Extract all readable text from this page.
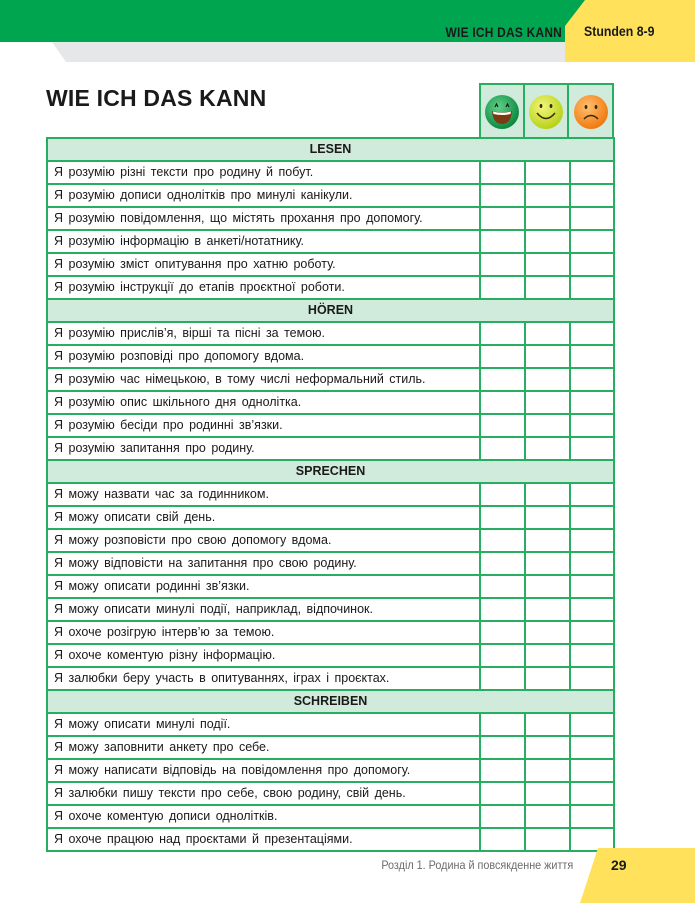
WIE ICH DAS KANN Stunden 8-9
WIE ICH DAS KANN
LESEN
Я розумію різні тексти про родину й побут.
Я розумію дописи однолітків про минулі канікули.
Я розумію повідомлення, що містять прохання про допомогу.
Я розумію інформацію в анкеті/нотатнику.
Я розумію зміст опитування про хатню роботу.
Я розумію інструкції до етапів проєктної роботи.
HÖREN
Я розумію прислів’я, вірші та пісні за темою.
Я розумію розповіді про допомогу вдома.
Я розумію час німецькою, в тому числі неформальний стиль.
Я розумію опис шкільного дня однолітка.
Я розумію бесіди про родинні зв’язки.
Я розумію запитання про родину.
SPRECHEN
Я можу назвати час за годинником.
Я можу описати свій день.
Я можу розповісти про свою допомогу вдома.
Я можу відповісти на запитання про свою родину.
Я можу описати родинні зв’язки.
Я можу описати минулі події, наприклад, відпочинок.
Я охоче розігрую інтерв’ю за темою.
Я охоче коментую різну інформацію.
Я залюбки беру участь в опитуваннях, іграх і проєктах.
SCHREIBEN
Я можу описати минулі події.
Я можу заповнити анкету про себе.
Я можу написати відповідь на повідомлення про допомогу.
Я залюбки пишу тексти про себе, свою родину, свій день.
Я охоче коментую дописи однолітків.
Я охоче працюю над проєктами й презентаціями.
Розділ 1. Родина й повсякденне життя	29
